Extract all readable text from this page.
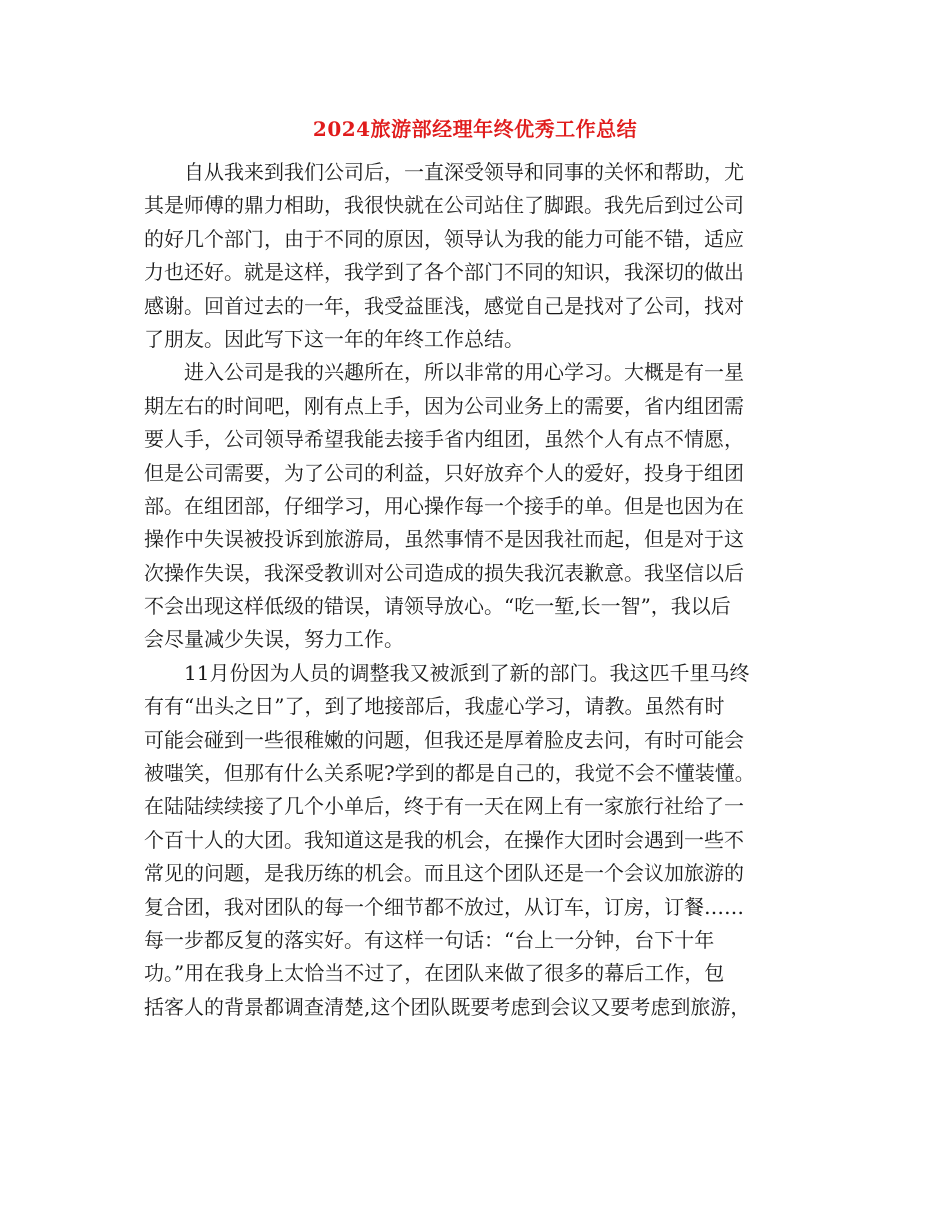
2024旅游部经理年终优秀工作总结
自从我来到我们公司后，一直深受领导和同事的关怀和帮助，尤
其是师傅的鼎力相助，我很快就在公司站住了脚跟。我先后到过公司
的好几个部门，由于不同的原因，领导认为我的能力可能不错，适应
力也还好。就是这样，我学到了各个部门不同的知识，我深切的做出
感谢。回首过去的一年，我受益匪浅，感觉自己是找对了公司，找对
了朋友。因此写下这一年的年终工作总结。
进入公司是我的兴趣所在，所以非常的用心学习。大概是有一星
期左右的时间吧，刚有点上手，因为公司业务上的需要，省内组团需
要人手，公司领导希望我能去接手省内组团，虽然个人有点不情愿，
但是公司需要，为了公司的利益，只好放弃个人的爱好，投身于组团
部。在组团部，仔细学习，用心操作每一个接手的单。但是也因为在
操作中失误被投诉到旅游局，虽然事情不是因我社而起，但是对于这
次操作失误，我深受教训对公司造成的损失我沉表歉意。我坚信以后
不会出现这样低级的错误，请领导放心。“吃一堑,长一智”，我以后
会尽量减少失误，努力工作。
11月份因为人员的调整我又被派到了新的部门。我这匹千里马终
有有“出头之日”了，到了地接部后，我虚心学习，请教。虽然有时
可能会碰到一些很稚嫩的问题，但我还是厚着脸皮去问，有时可能会
被嗤笑，但那有什么关系呢?学到的都是自己的，我觉不会不懂装懂。
在陆陆续续接了几个小单后，终于有一天在网上有一家旅行社给了一
个百十人的大团。我知道这是我的机会，在操作大团时会遇到一些不
常见的问题，是我历练的机会。而且这个团队还是一个会议加旅游的
复合团，我对团队的每一个细节都不放过，从订车，订房，订餐……
每一步都反复的落实好。有这样一句话：“台上一分钟，台下十年
功。”用在我身上太恰当不过了，在团队来做了很多的幕后工作，包
括客人的背景都调查清楚,这个团队既要考虑到会议又要考虑到旅游，
